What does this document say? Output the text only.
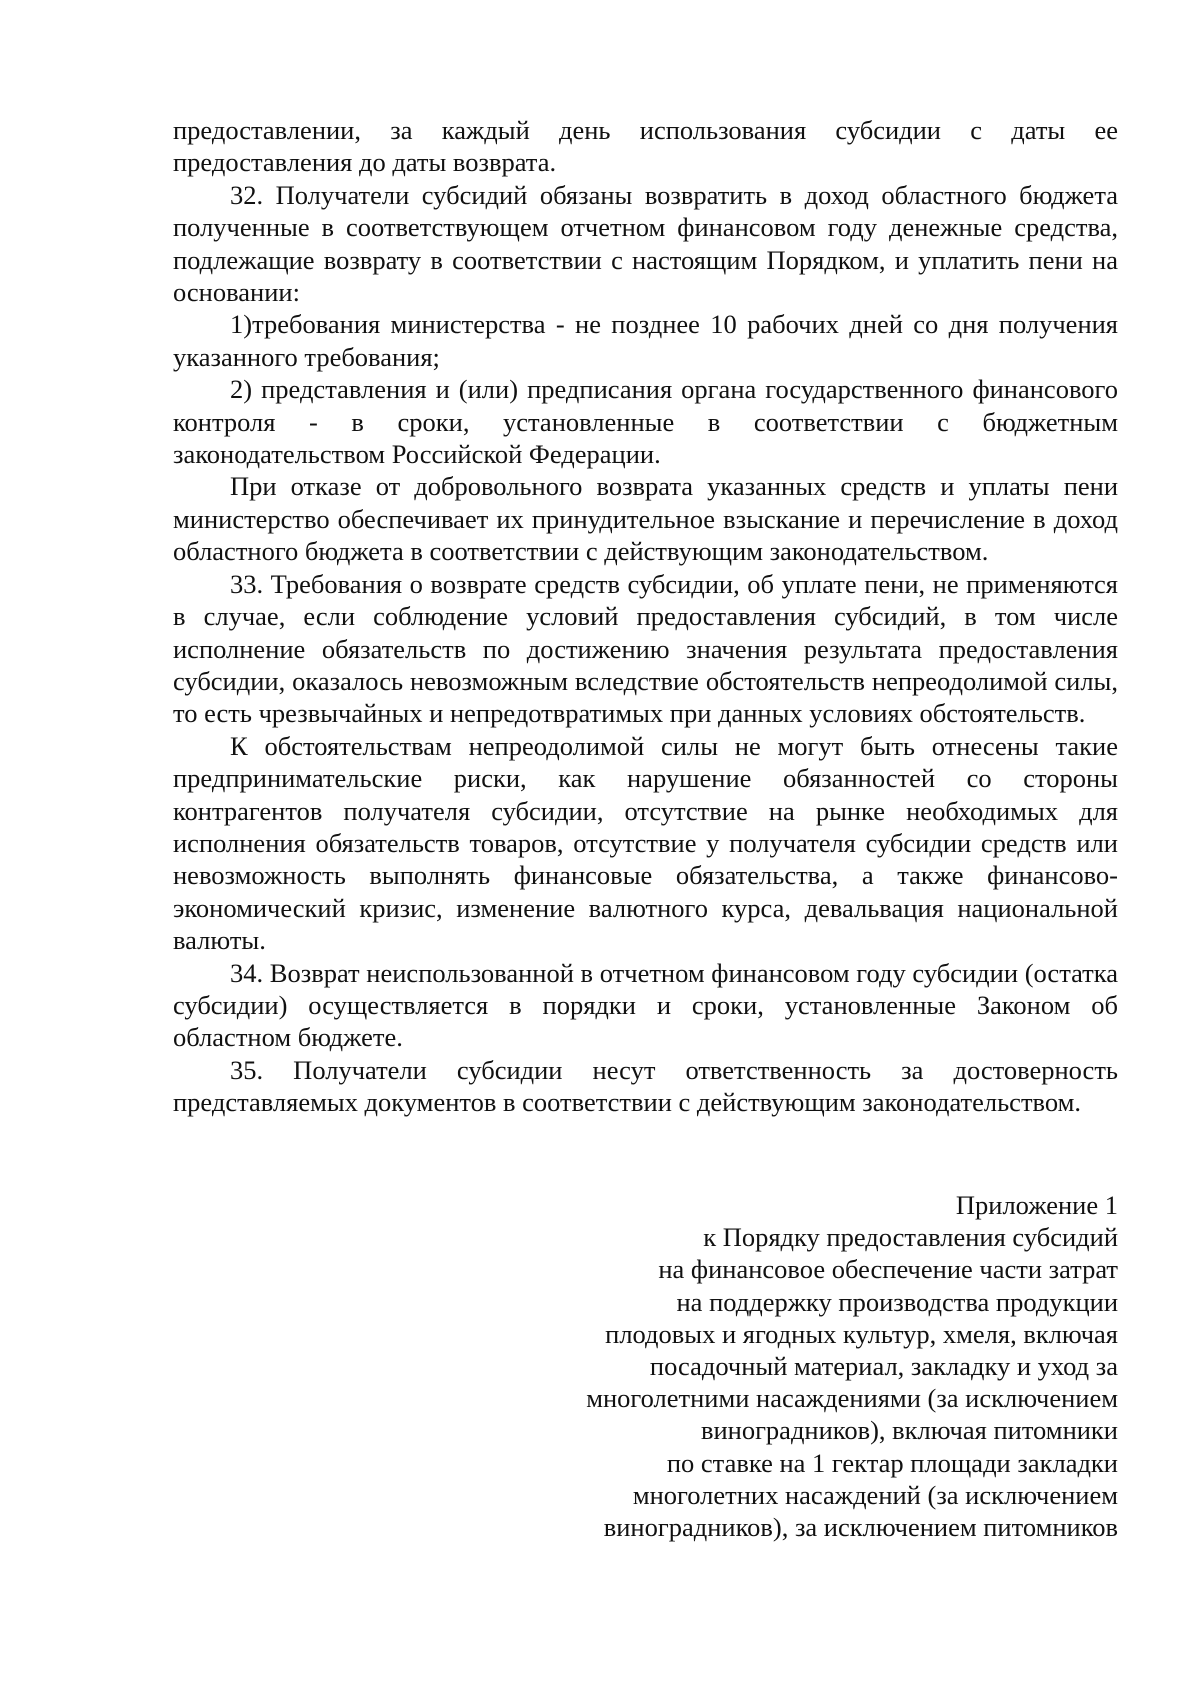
предоставлении, за каждый день использования субсидии с даты ее предоставления до даты возврата.

32. Получатели субсидий обязаны возвратить в доход областного бюджета полученные в соответствующем отчетном финансовом году денежные средства, подлежащие возврату в соответствии с настоящим Порядком, и уплатить пени на основании:

1)требования министерства - не позднее 10 рабочих дней со дня получения указанного требования;

2) представления и (или) предписания органа государственного финансового контроля - в сроки, установленные в соответствии с бюджетным законодательством Российской Федерации.

При отказе от добровольного возврата указанных средств и уплаты пени министерство обеспечивает их принудительное взыскание и перечисление в доход областного бюджета в соответствии с действующим законодательством.

33. Требования о возврате средств субсидии, об уплате пени, не применяются в случае, если соблюдение условий предоставления субсидий, в том числе исполнение обязательств по достижению значения результата предоставления субсидии, оказалось невозможным вследствие обстоятельств непреодолимой силы, то есть чрезвычайных и непредотвратимых при данных условиях обстоятельств.

К обстоятельствам непреодолимой силы не могут быть отнесены такие предпринимательские риски, как нарушение обязанностей со стороны контрагентов получателя субсидии, отсутствие на рынке необходимых для исполнения обязательств товаров, отсутствие у получателя субсидии средств или невозможность выполнять финансовые обязательства, а также финансово-экономический кризис, изменение валютного курса, девальвация национальной валюты.

34. Возврат неиспользованной в отчетном финансовом году субсидии (остатка субсидии) осуществляется в порядки и сроки, установленные Законом об областном бюджете.

35. Получатели субсидии несут ответственность за достоверность представляемых документов в соответствии с действующим законодательством.

Приложение 1
к Порядку предоставления субсидий
на финансовое обеспечение части затрат
на поддержку производства продукции
плодовых и ягодных культур, хмеля, включая
посадочный материал, закладку и уход за
многолетними насаждениями (за исключением
виноградников), включая питомники
по ставке на 1 гектар площади закладки
многолетних насаждений (за исключением
виноградников), за исключением питомников
